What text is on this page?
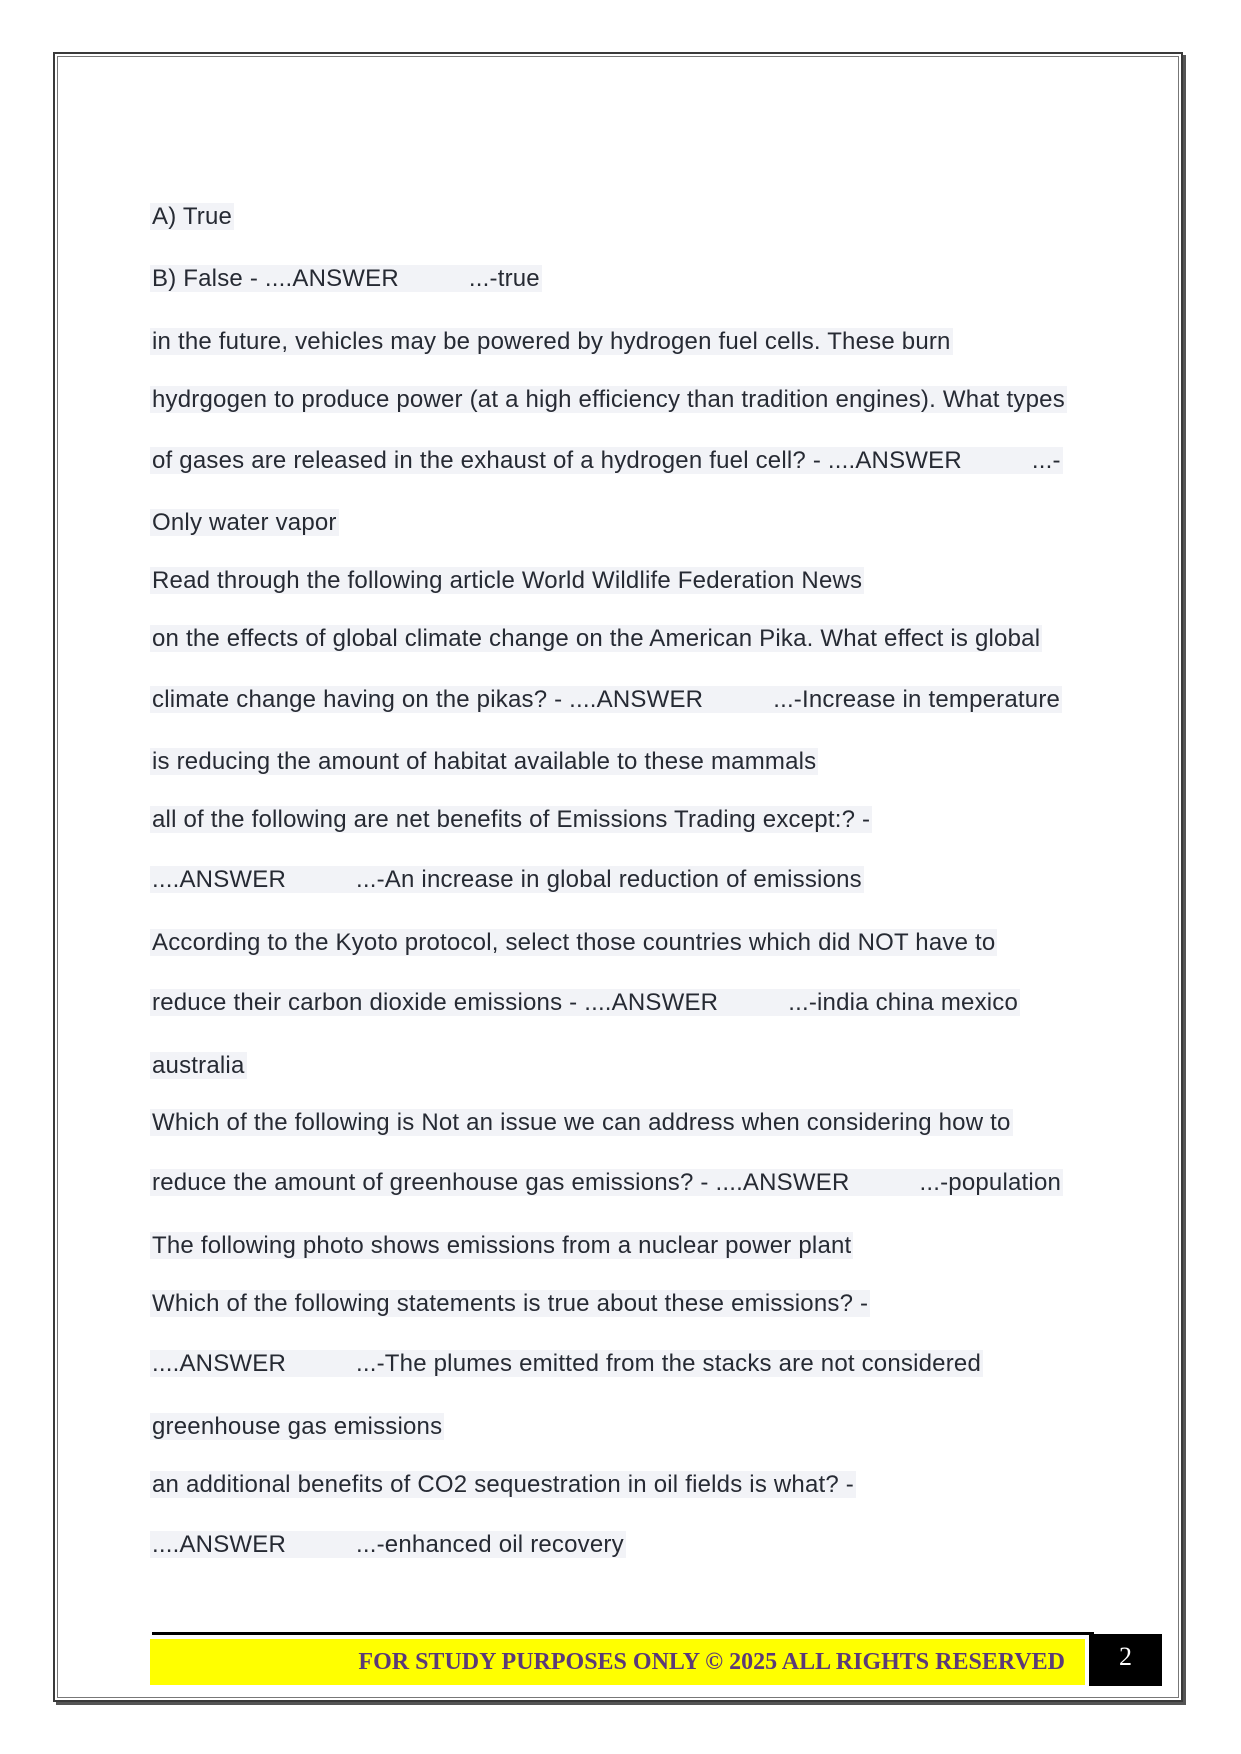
A) True
B) False - ....ANSWER	...-true
in the future, vehicles may be powered by hydrogen fuel cells. These burn
hydrgogen to produce power (at a high efficiency than tradition engines). What types
of gases are released in the exhaust of a hydrogen fuel cell? - ....ANSWER	...-
Only water vapor
Read through the following article World Wildlife Federation News
on the effects of global climate change on the American Pika. What effect is global
climate change having on the pikas? - ....ANSWER	...-Increase in temperature
is reducing the amount of habitat available to these mammals
all of the following are net benefits of Emissions Trading except:? -
....ANSWER	...-An increase in global reduction of emissions
According to the Kyoto protocol, select those countries which did NOT have to
reduce their carbon dioxide emissions - ....ANSWER	...-india china mexico
australia
Which of the following is Not an issue we can address when considering how to
reduce the amount of greenhouse gas emissions? - ....ANSWER	...-population
The following photo shows emissions from a nuclear power plant
Which of the following statements is true about these emissions? -
....ANSWER	...-The plumes emitted from the stacks are not considered
greenhouse gas emissions
an additional benefits of CO2 sequestration in oil fields is what? -
....ANSWER	...-enhanced oil recovery
FOR STUDY PURPOSES ONLY © 2025 ALL RIGHTS RESERVED	2
